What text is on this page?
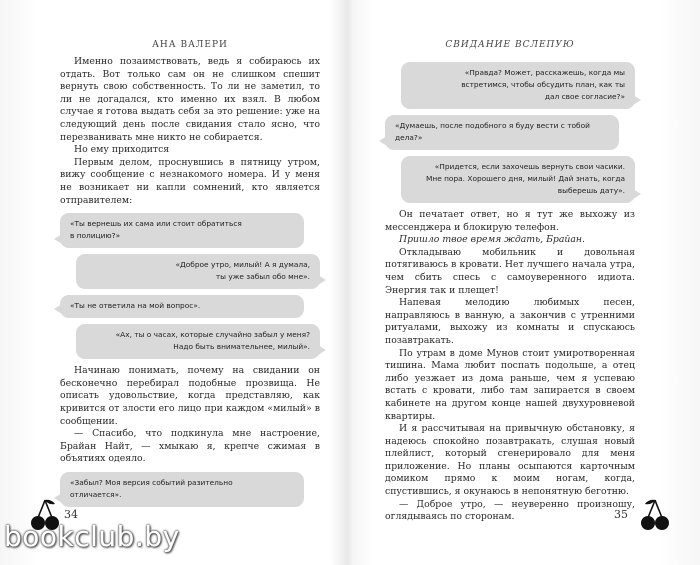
АНА ВАЛЕРИ	СВИДАНИЕ ВСЛЕПУЮ

Именно позаимствовать, ведь я собираюсь их отдать. Вот только сам он не слишком спешит вернуть свою собственность. То ли не заметил, то ли не догадался, кто именно их взял. В любом случае я готова выдать себя за это решение: уже на следующий день после свидания стало ясно, что перезванивать мне никто не собирается.

Но ему приходится

Первым делом, проснувшись в пятницу утром, вижу сообщение с незнакомого номера. И у меня не возникает ни капли сомнений, кто является отправителем:

«Ты вернешь их сама или стоит обратиться
в полицию?»
«Доброе утро, милый! А я думала,
ты уже забыл обо мне».
«Ты не ответила на мой вопрос».
«Ах, ты о часах, которые случайно забыл у меня?
Надо быть внимательнее, милый».

Начинаю понимать, почему на свидании он бесконечно перебирал подобные прозвища. Не описать удовольствие, когда представляю, как кривится от злости его лицо при каждом «милый» в сообщении.

— Спасибо, что подкинула мне настроение, Брайан Найт, — хмыкаю я, крепче сжимая в объятиях одеяло.

«Забыл? Моя версия событий разительно
отличается».
«Правда? Может, расскажешь, когда мы
встретимся, чтобы обсудить план, как ты
дал свое согласие?»
«Думаешь, после подобного я буду вести с тобой
дела?»
«Придется, если захочешь вернуть свои часики.
Мне пора. Хорошего дня, милый! Дай знать, когда
выберешь дату».

Он печатает ответ, но я тут же выхожу из мессенджера и блокирую телефон.

Пришло твое время ждать, Брайан.

Откладываю мобильник и довольная потягиваюсь в кровати. Нет лучшего начала утра, чем сбить спесь с самоуверенного идиота. Энергия так и плещет!

Напевая мелодию любимых песен, направляюсь в ванную, а закончив с утренними ритуалами, выхожу из комнаты и спускаюсь позавтракать.

По утрам в доме Мунов стоит умиротворенная тишина. Мама любит поспать подольше, а отец либо уезжает из дома раньше, чем я успеваю встать с кровати, либо там запирается в своем кабинете на другом конце нашей двухуровневой квартиры.

И я рассчитывая на привычную обстановку, я надеюсь спокойно позавтракать, слушая новый плейлист, который сгенерировало для меня приложение. Но планы осыпаются карточным домиком прямо к моим ногам, когда, спустившись, я окунаюсь в непонятную беготню.

— Доброе утро, — неуверенно произношу, оглядываясь по сторонам.

34	35
bookclub.by
